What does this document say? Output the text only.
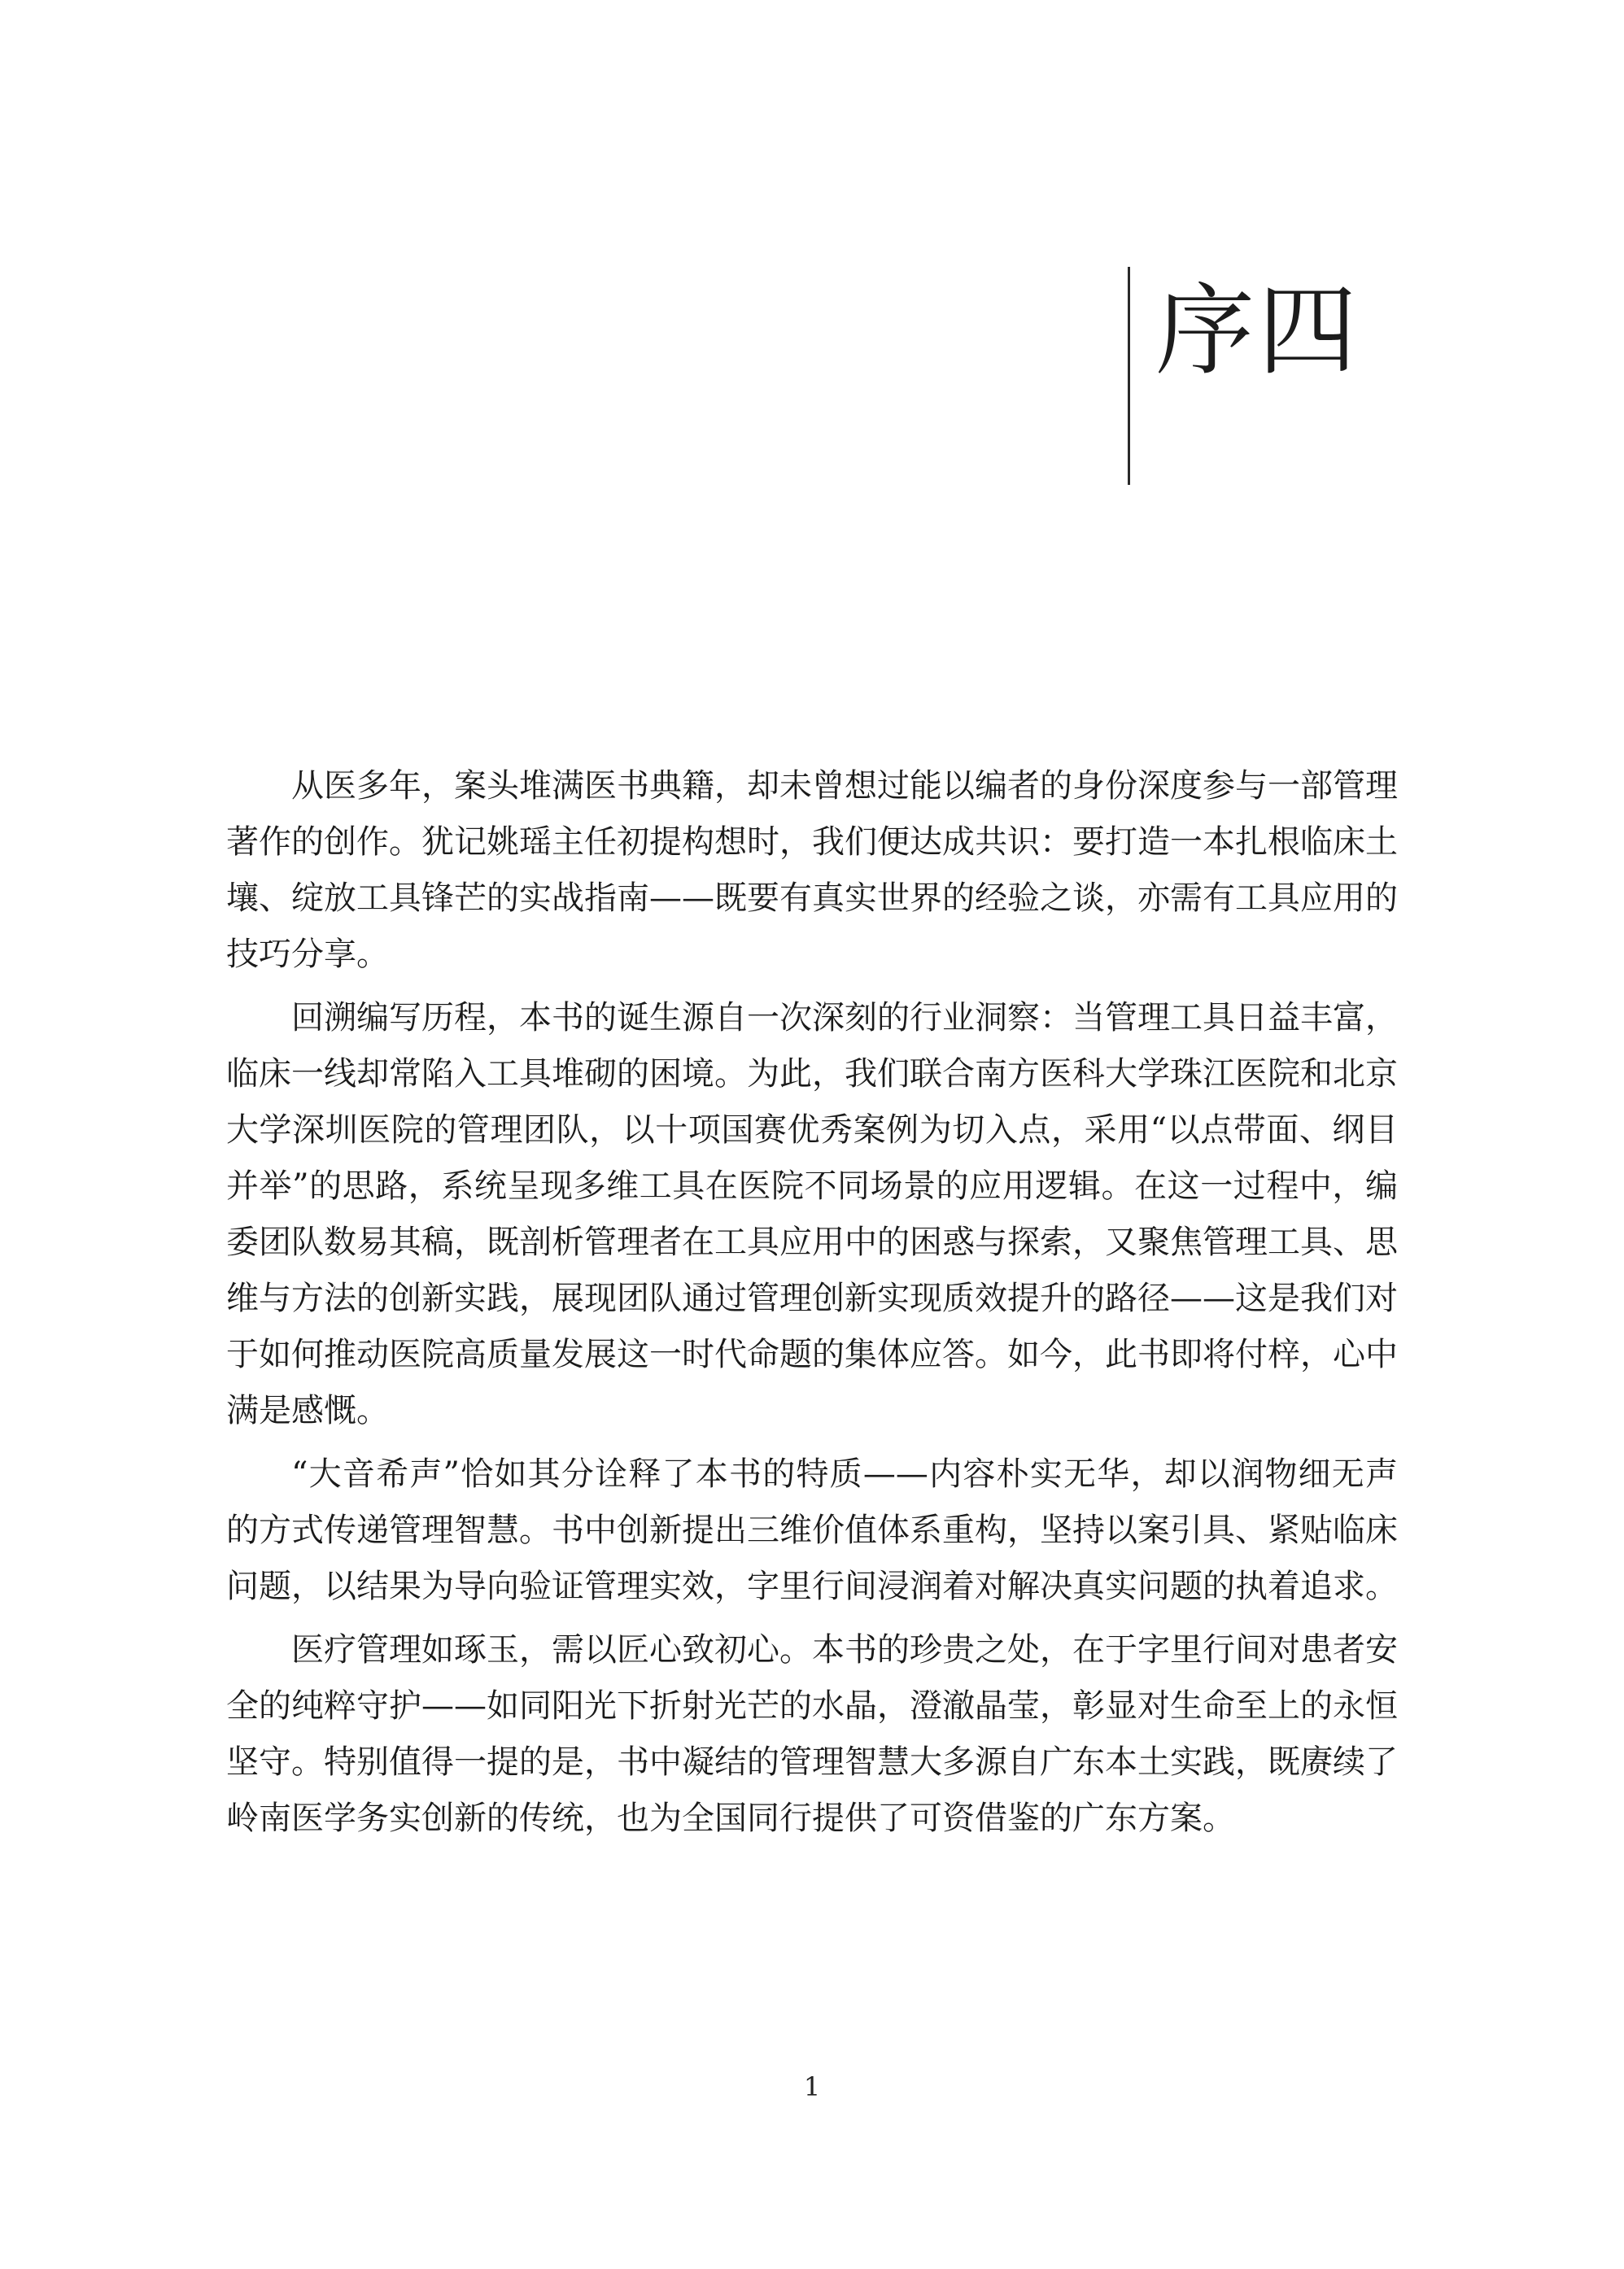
序四

从医多年，案头堆满医书典籍，却未曾想过能以编者的身份深度参与一部管理著作的创作。犹记姚瑶主任初提构想时，我们便达成共识：要打造一本扎根临床土壤、绽放工具锋芒的实战指南——既要有真实世界的经验之谈，亦需有工具应用的技巧分享。

回溯编写历程，本书的诞生源自一次深刻的行业洞察：当管理工具日益丰富，临床一线却常陷入工具堆砌的困境。为此，我们联合南方医科大学珠江医院和北京大学深圳医院的管理团队，以十项国赛优秀案例为切入点，采用“以点带面、纲目并举”的思路，系统呈现多维工具在医院不同场景的应用逻辑。在这一过程中，编委团队数易其稿，既剖析管理者在工具应用中的困惑与探索，又聚焦管理工具、思维与方法的创新实践，展现团队通过管理创新实现质效提升的路径——这是我们对于如何推动医院高质量发展这一时代命题的集体应答。如今，此书即将付梓，心中满是感慨。

“大音希声”恰如其分诠释了本书的特质——内容朴实无华，却以润物细无声的方式传递管理智慧。书中创新提出三维价值体系重构，坚持以案引具、紧贴临床问题，以结果为导向验证管理实效，字里行间浸润着对解决真实问题的执着追求。

医疗管理如琢玉，需以匠心致初心。本书的珍贵之处，在于字里行间对患者安全的纯粹守护——如同阳光下折射光芒的水晶，澄澈晶莹，彰显对生命至上的永恒坚守。特别值得一提的是，书中凝结的管理智慧大多源自广东本土实践，既赓续了岭南医学务实创新的传统，也为全国同行提供了可资借鉴的广东方案。

1
